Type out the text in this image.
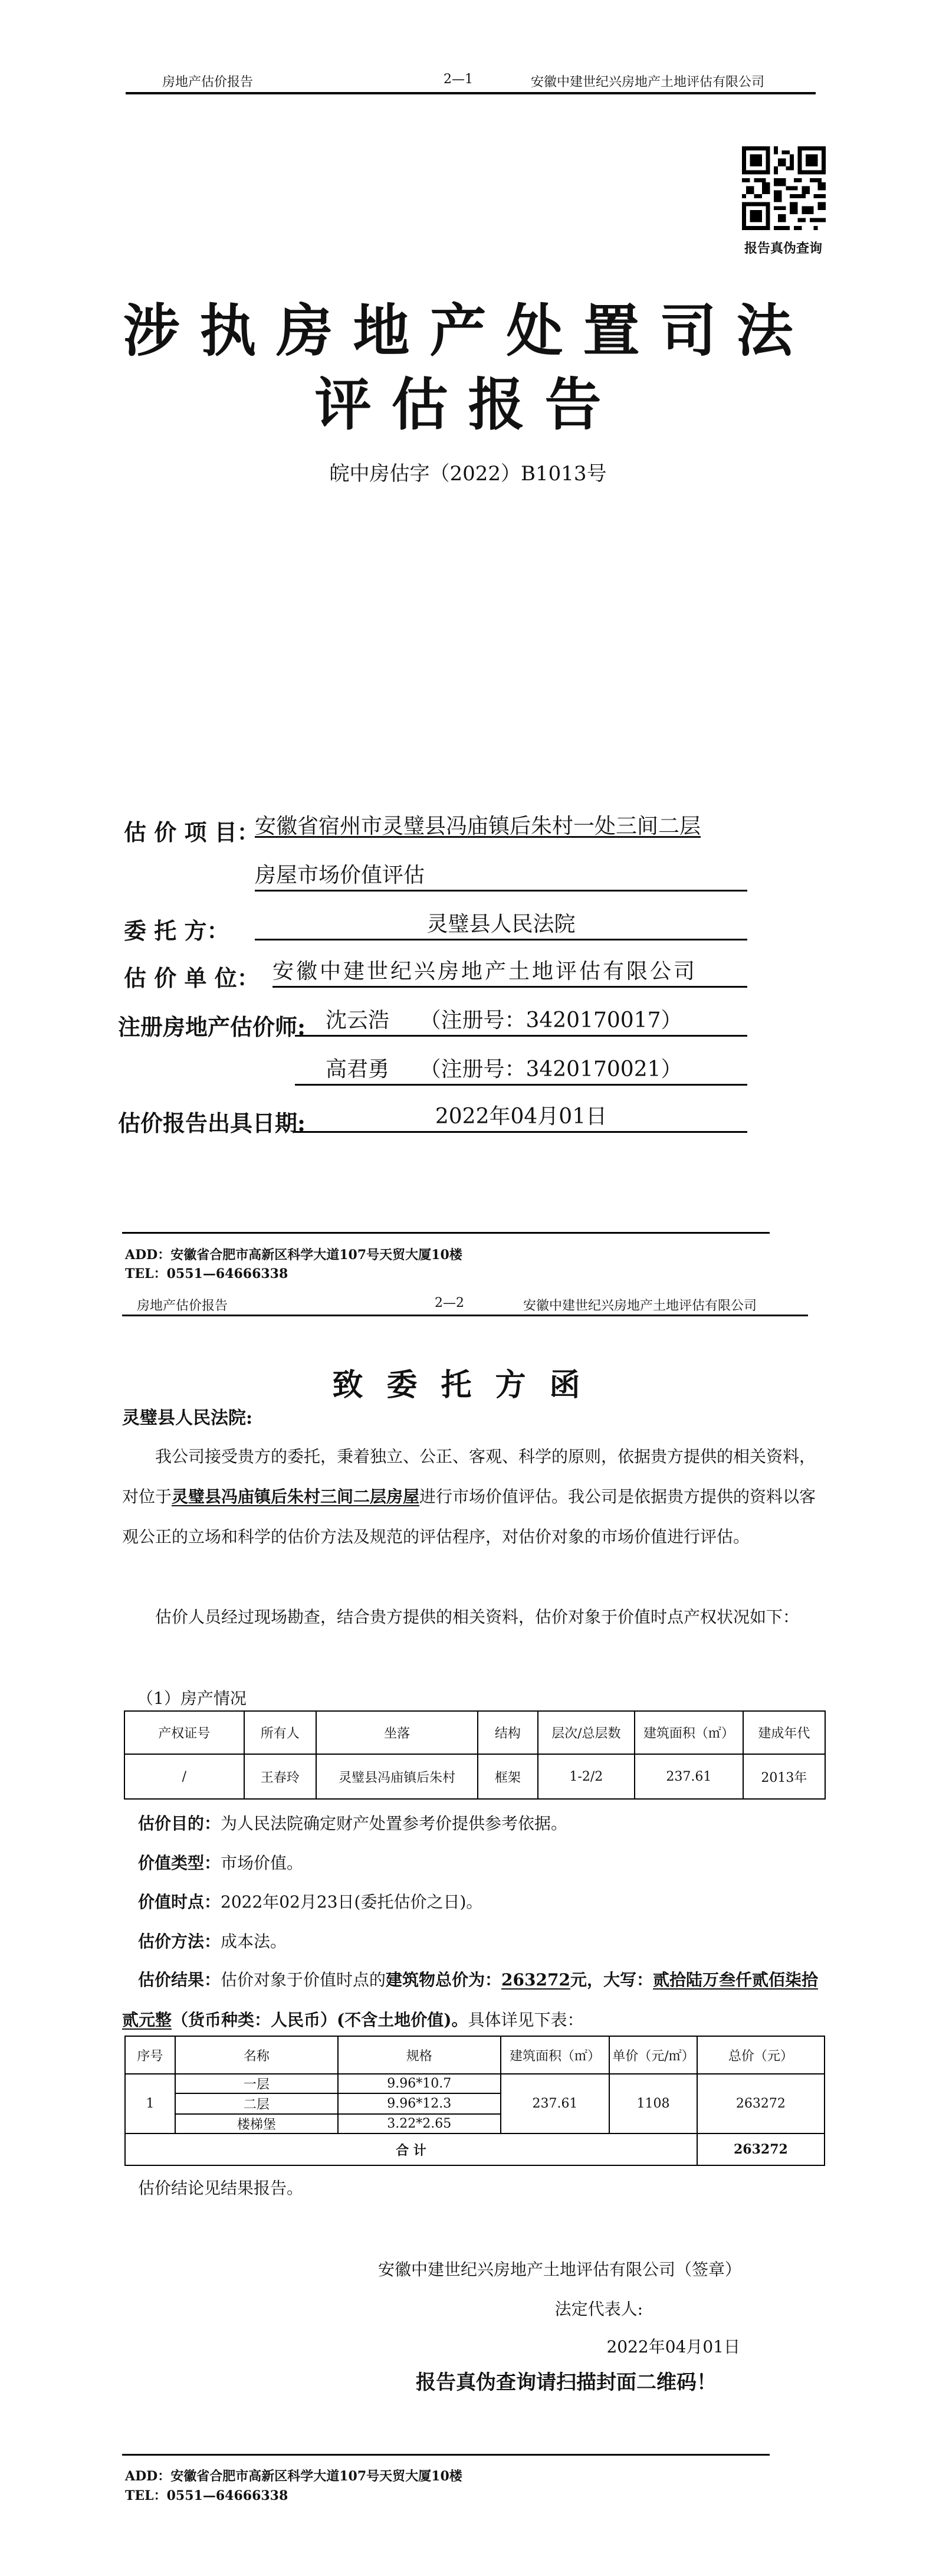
房地产估价报告	2—1	安徽中建世纪兴房地产土地评估有限公司
报告真伪查询
涉执房地产处置司法
评估报告
皖中房估字（2022）B1013号
估 价 项 目：
安徽省宿州市灵璧县冯庙镇后朱村一处三间二层
房屋市场价值评估
委 托 方：	灵璧县人民法院
估 价 单 位： 安徽中建世纪兴房地产土地评估有限公司
注册房地产估价师: 沈云浩 （注册号：3420170017）
高君勇 （注册号：3420170021）
估价报告出具日期:	2022年04月01日
ADD：安徽省合肥市高新区科学大道107号天贸大厦10楼
TEL：0551—64666338
房地产估价报告	2—2	安徽中建世纪兴房地产土地评估有限公司
致委托方函
灵璧县人民法院:
我公司接受贵方的委托，秉着独立、公正、客观、科学的原则，依据贵方提供的相关资料，对位于灵璧县冯庙镇后朱村三间二层房屋进行市场价值评估。我公司是依据贵方提供的资料以客观公正的立场和科学的估价方法及规范的评估程序，对估价对象的市场价值进行评估。
估价人员经过现场勘查，结合贵方提供的相关资料，估价对象于价值时点产权状况如下：
（1）房产情况
产权证号	所有人	坐落	结构	层次/总层数	建筑面积（㎡）	建成年代
/	王春玲	灵璧县冯庙镇后朱村	框架	1-2/2	237.61	2013年
估价目的：为人民法院确定财产处置参考价提供参考依据。
价值类型：市场价值。
价值时点：2022年02月23日(委托估价之日)。
估价方法：成本法。
估价结果：估价对象于价值时点的建筑物总价为：263272元，大写：贰拾陆万叁仟贰佰柒拾贰元整（货币种类：人民币）(不含土地价值)。具体详见下表：
序号	名称	规格	建筑面积（㎡）	单价（元/㎡）	总价（元）
1	一层	9.96*10.7	237.61	1108	263272
	二层	9.96*12.3			
	楼梯堡	3.22*2.65			
合 计					263272
估价结论见结果报告。
安徽中建世纪兴房地产土地评估有限公司（签章）
法定代表人:
2022年04月01日
报告真伪查询请扫描封面二维码！
ADD：安徽省合肥市高新区科学大道107号天贸大厦10楼
TEL：0551—64666338
